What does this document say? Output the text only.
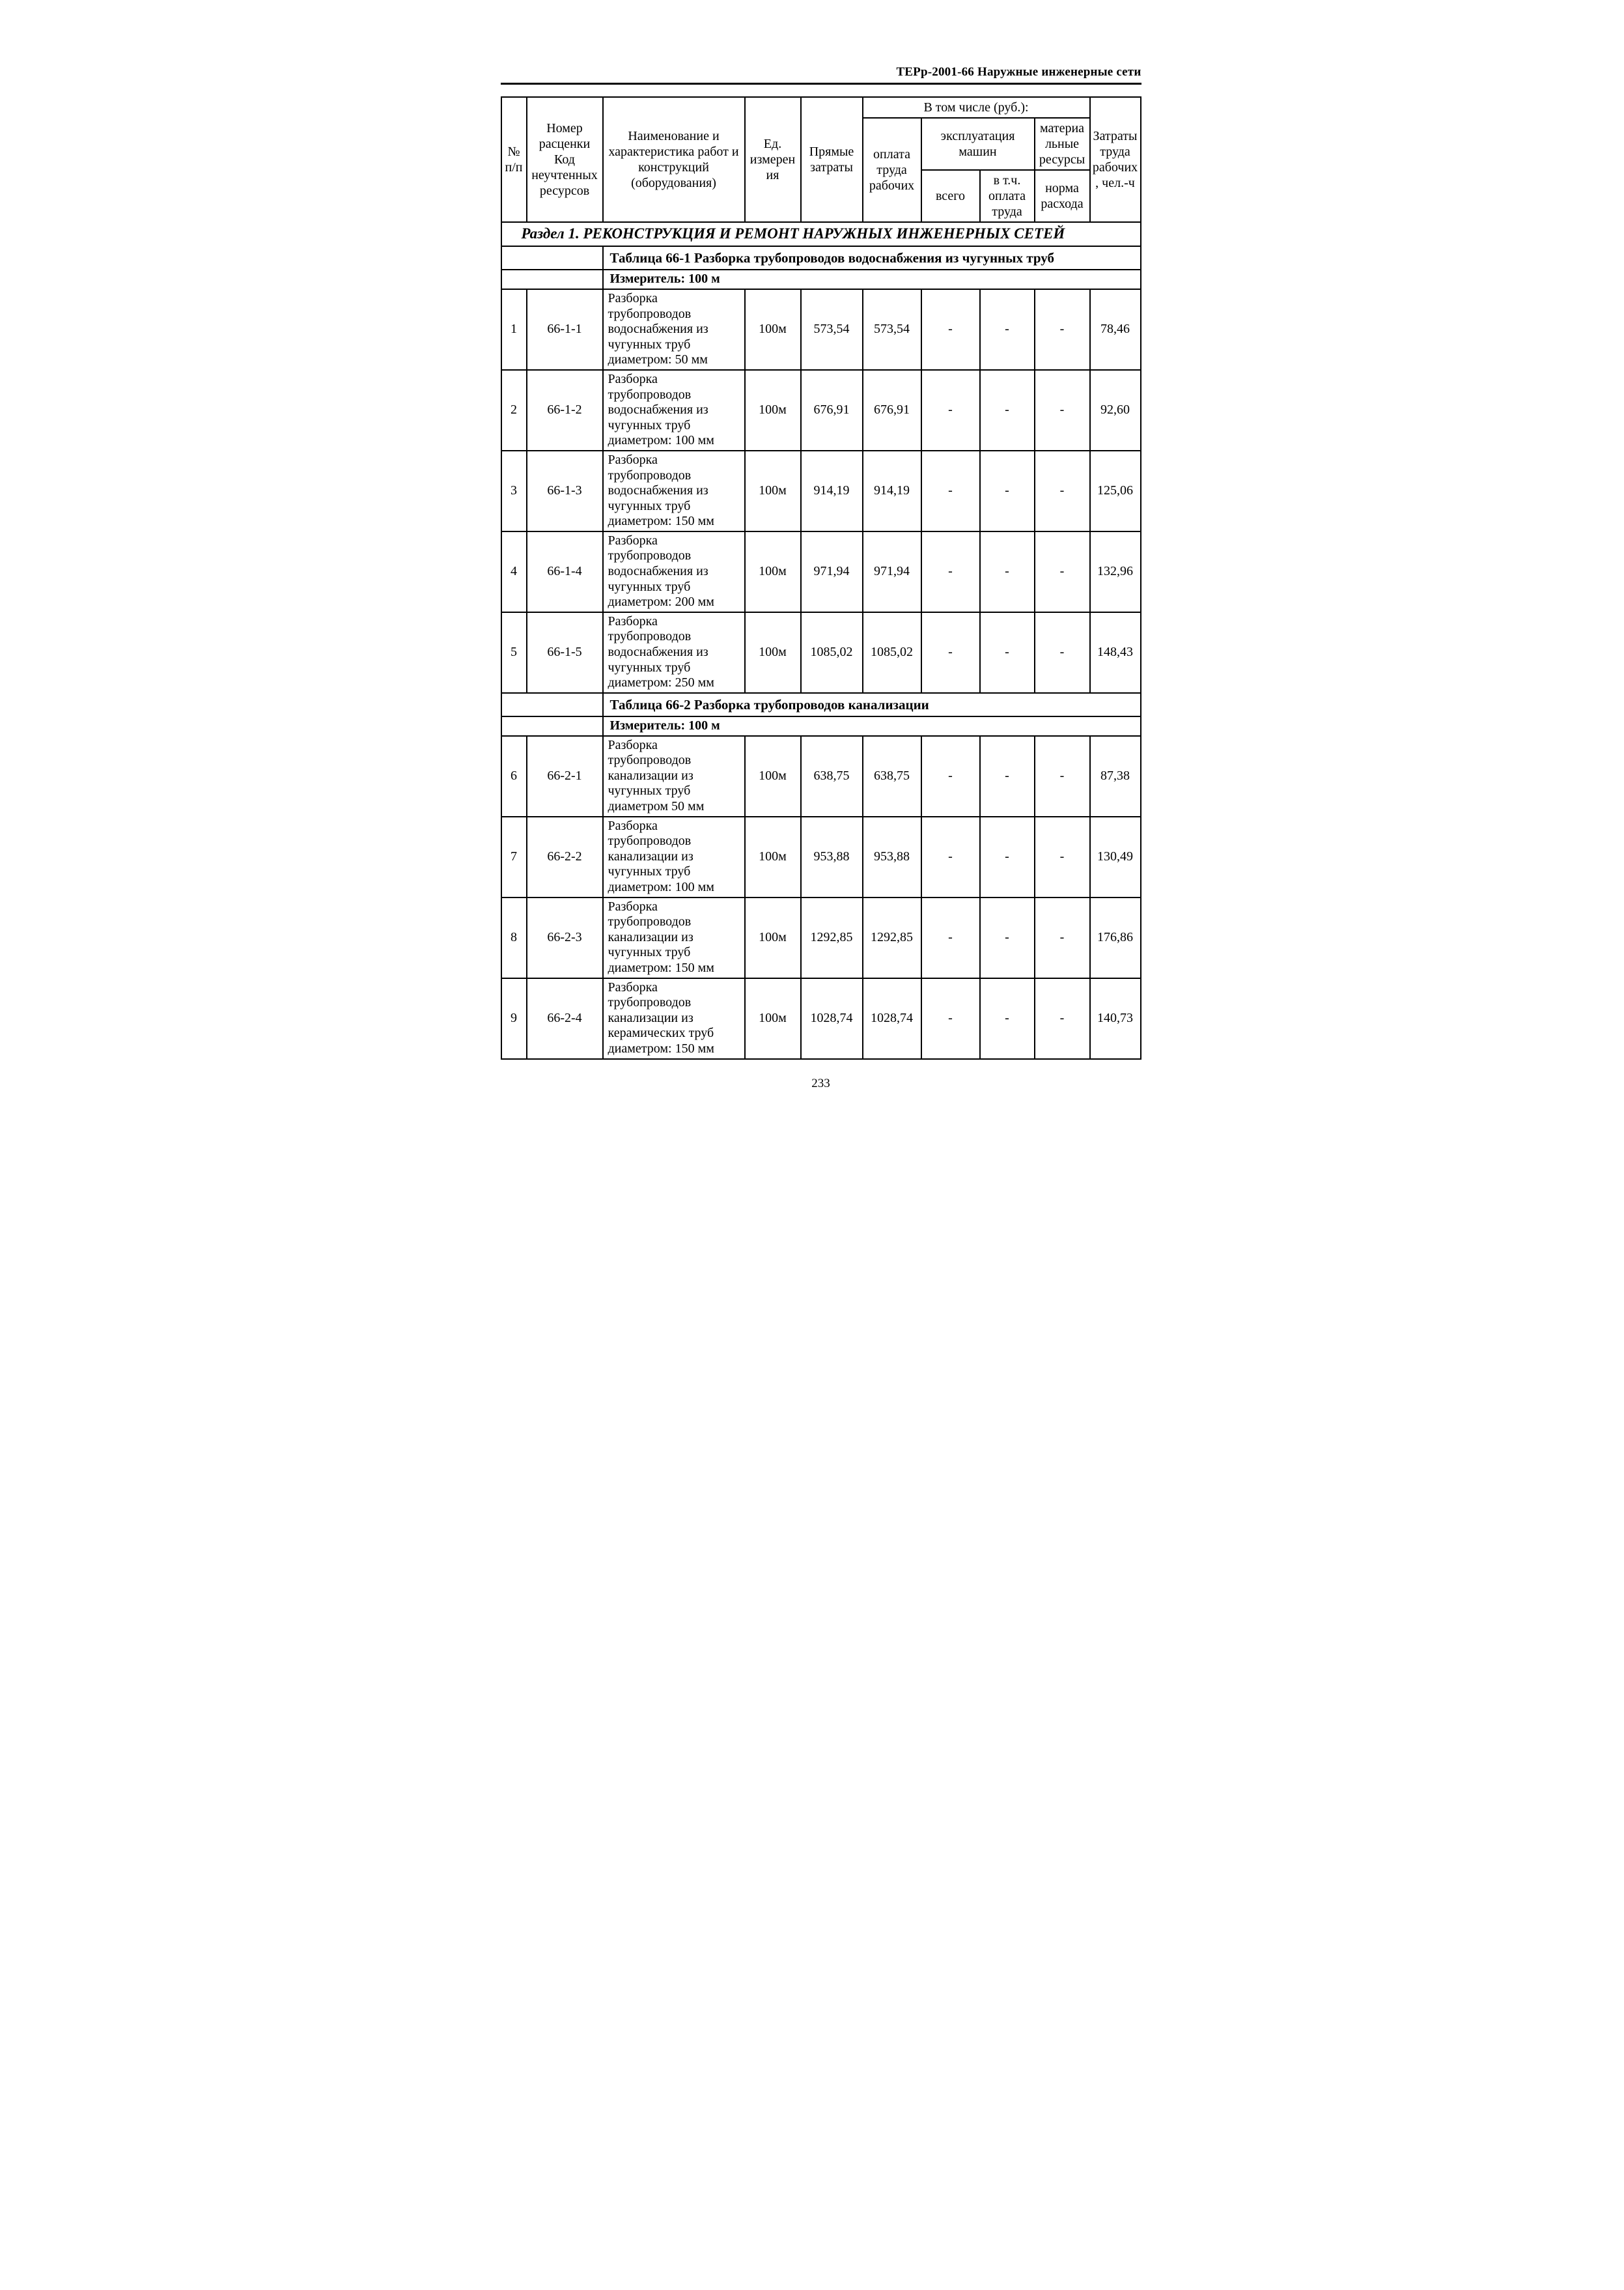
ТЕРр-2001-66 Наружные инженерные сети
№ п/п	Номер расценки Код неучтенных ресурсов	Наименование и характеристика работ и конструкций (оборудования)	Ед. измерения	Прямые затраты	В том числе (руб.):				Затраты труда рабочих, чел.-ч
					оплата труда рабочих	эксплуатация машин		материальные ресурсы	
						всего	в т.ч. оплата труда	норма расхода	
Раздел 1. РЕКОНСТРУКЦИЯ И РЕМОНТ НАРУЖНЫХ ИНЖЕНЕРНЫХ СЕТЕЙ									
		Таблица 66-1 Разборка трубопроводов водоснабжения из чугунных труб							
		Измеритель: 100 м							
1	66-1-1	Разборка трубопроводов водоснабжения из чугунных труб диаметром: 50 мм	100м	573,54	573,54	-	-	-	78,46
2	66-1-2	Разборка трубопроводов водоснабжения из чугунных труб диаметром: 100 мм	100м	676,91	676,91	-	-	-	92,60
3	66-1-3	Разборка трубопроводов водоснабжения из чугунных труб диаметром: 150 мм	100м	914,19	914,19	-	-	-	125,06
4	66-1-4	Разборка трубопроводов водоснабжения из чугунных труб диаметром: 200 мм	100м	971,94	971,94	-	-	-	132,96
5	66-1-5	Разборка трубопроводов водоснабжения из чугунных труб диаметром: 250 мм	100м	1085,02	1085,02	-	-	-	148,43
		Таблица 66-2 Разборка трубопроводов канализации							
		Измеритель: 100 м							
6	66-2-1	Разборка трубопроводов канализации из чугунных труб диаметром 50 мм	100м	638,75	638,75	-	-	-	87,38
7	66-2-2	Разборка трубопроводов канализации из чугунных труб диаметром: 100 мм	100м	953,88	953,88	-	-	-	130,49
8	66-2-3	Разборка трубопроводов канализации из чугунных труб диаметром: 150 мм	100м	1292,85	1292,85	-	-	-	176,86
9	66-2-4	Разборка трубопроводов канализации из керамических труб диаметром: 150 мм	100м	1028,74	1028,74	-	-	-	140,73
233
